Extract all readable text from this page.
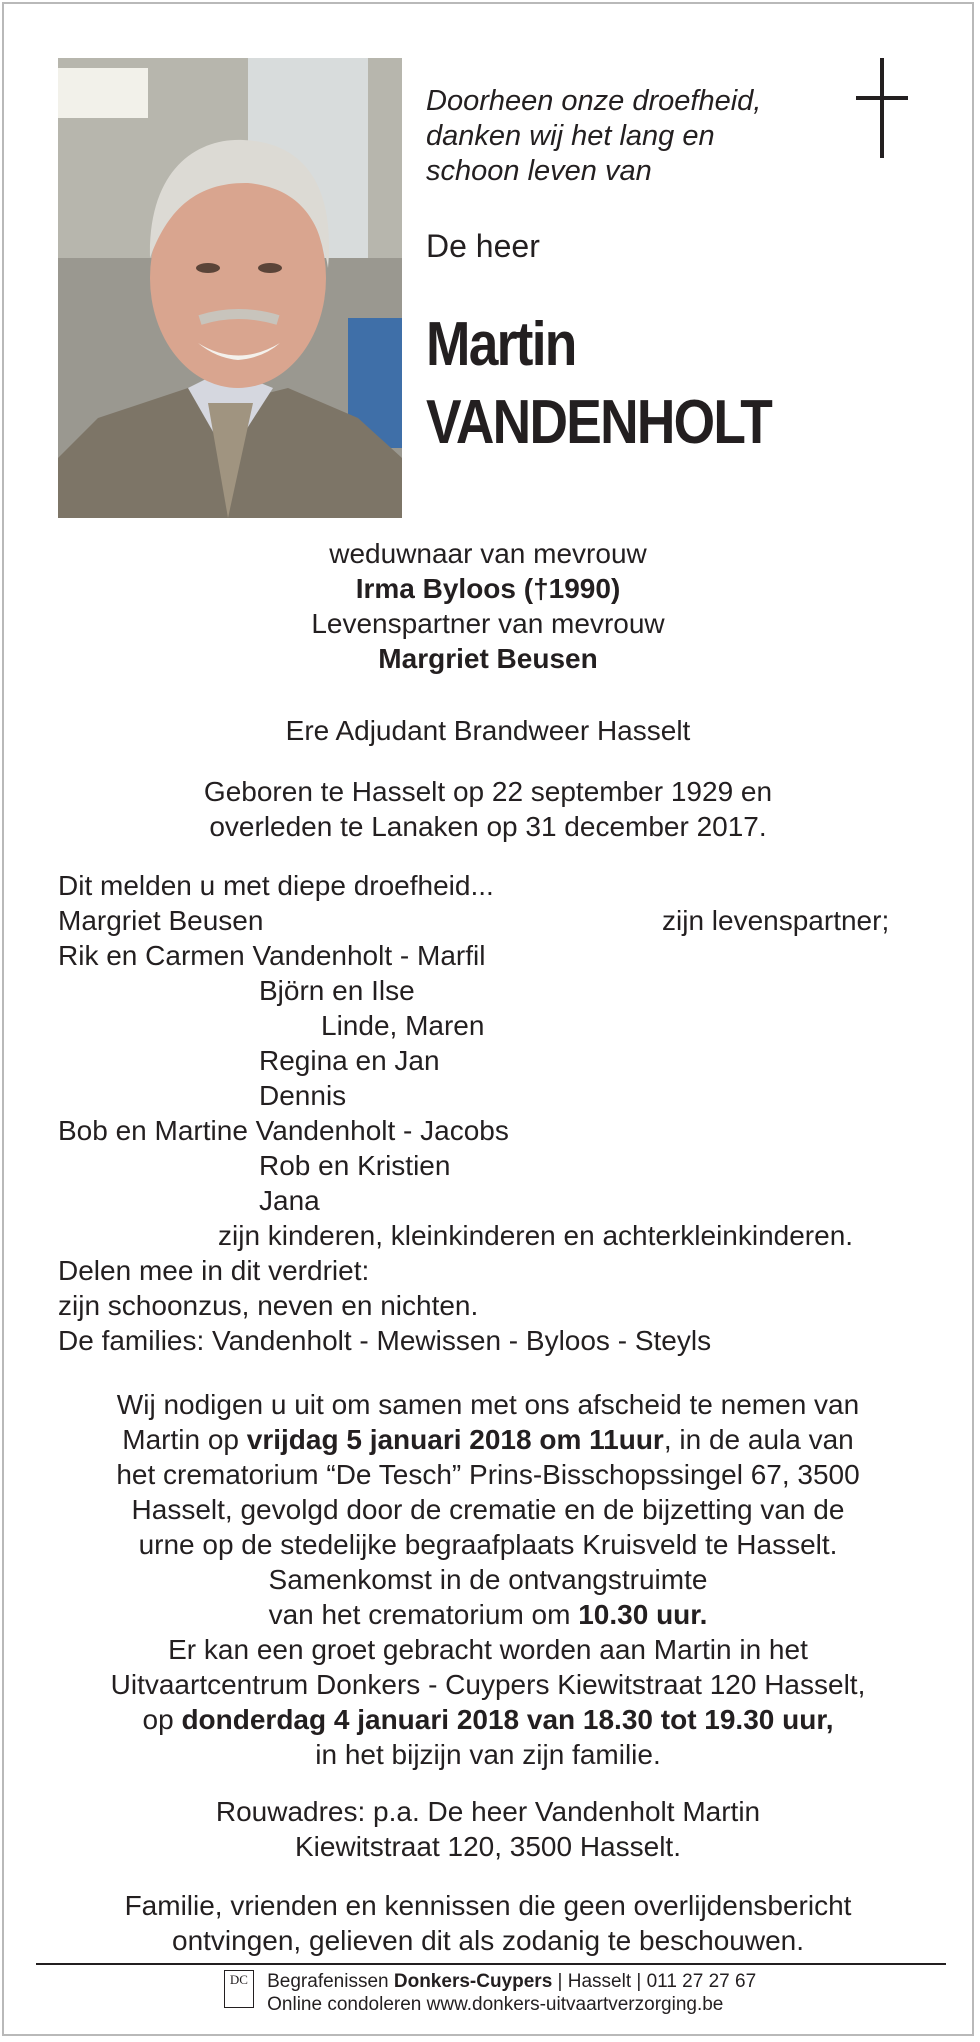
Doorheen onze droefheid,
danken wij het lang en
schoon leven van
De heer
Martin
VANDENHOLT
weduwnaar van mevrouw
Irma Byloos (†1990)
Levenspartner van mevrouw
Margriet Beusen
Ere Adjudant Brandweer Hasselt
Geboren te Hasselt op 22 september 1929 en
overleden te Lanaken op 31 december 2017.
Dit melden u met diepe droefheid...
Margriet Beusen	zijn levenspartner;
Rik en Carmen Vandenholt - Marfil
Björn en Ilse
Linde, Maren
Regina en Jan
Dennis
Bob en Martine Vandenholt - Jacobs
Rob en Kristien
Jana
zijn kinderen, kleinkinderen en achterkleinkinderen.
Delen mee in dit verdriet:
zijn schoonzus, neven en nichten.
De families: Vandenholt - Mewissen - Byloos - Steyls
Wij nodigen u uit om samen met ons afscheid te nemen van
Martin op vrijdag 5 januari 2018 om 11uur, in de aula van
het crematorium “De Tesch” Prins-Bisschopssingel 67, 3500
Hasselt, gevolgd door de crematie en de bijzetting van de
urne op de stedelijke begraafplaats Kruisveld te Hasselt.
Samenkomst in de ontvangstruimte
van het crematorium om 10.30 uur.
Er kan een groet gebracht worden aan Martin in het
Uitvaartcentrum Donkers - Cuypers Kiewitstraat 120 Hasselt,
op donderdag 4 januari 2018 van 18.30 tot 19.30 uur,
in het bijzijn van zijn familie.
Rouwadres: p.a. De heer Vandenholt Martin
Kiewitstraat 120, 3500 Hasselt.
Familie, vrienden en kennissen die geen overlijdensbericht
ontvingen, gelieven dit als zodanig te beschouwen.
DC Begrafenissen Donkers-Cuypers | Hasselt | 011 27 27 67
Online condoleren www.donkers-uitvaartverzorging.be
